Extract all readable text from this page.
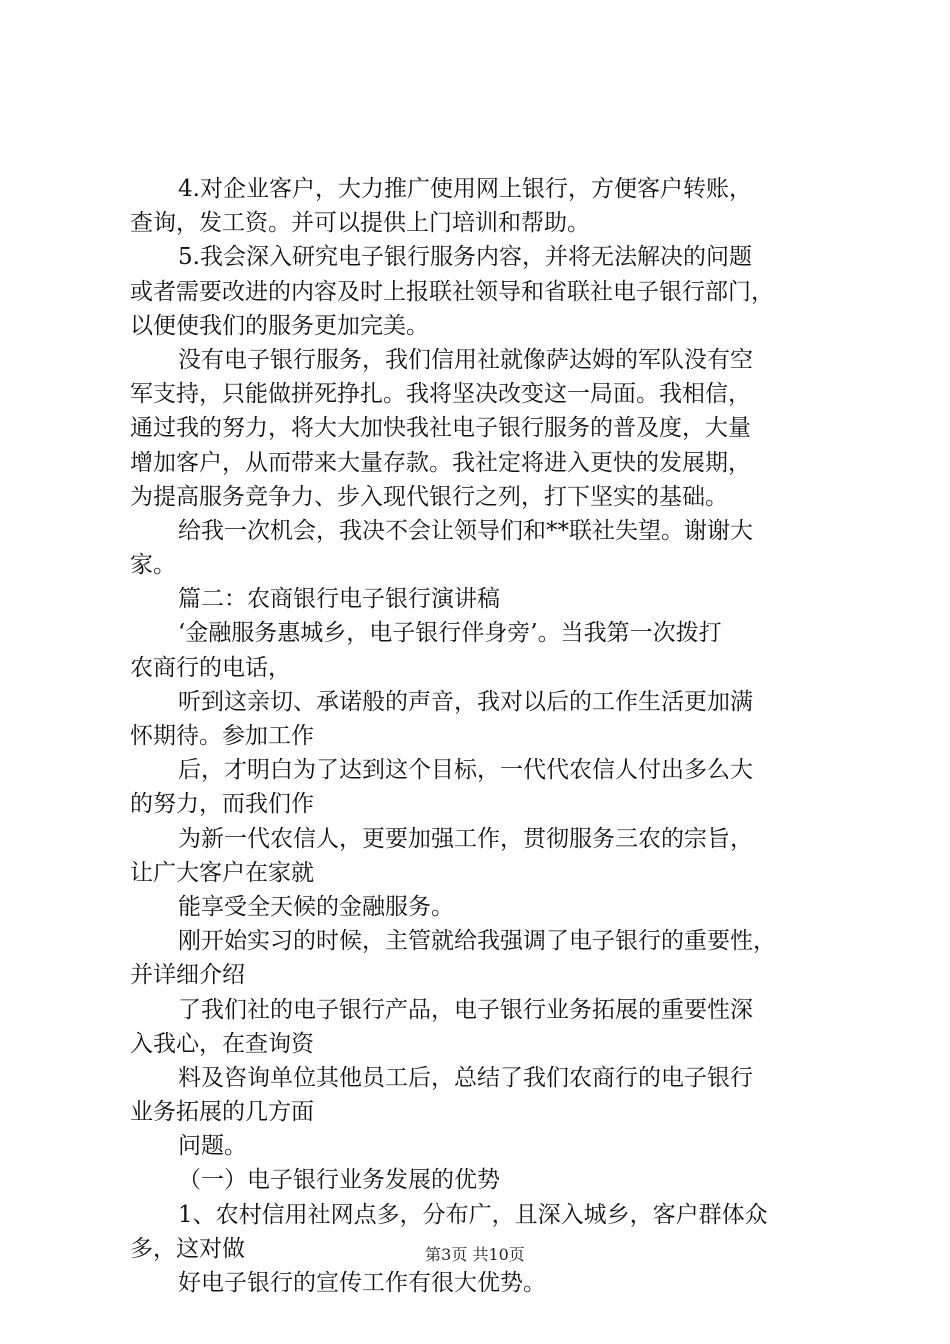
4.对企业客户，大力推广使用网上银行，方便客户转账，
查询，发工资。并可以提供上门培训和帮助。
5.我会深入研究电子银行服务内容，并将无法解决的问题
或者需要改进的内容及时上报联社领导和省联社电子银行部门，
以便使我们的服务更加完美。
没有电子银行服务，我们信用社就像萨达姆的军队没有空
军支持，只能做拼死挣扎。我将坚决改变这一局面。我相信，
通过我的努力，将大大加快我社电子银行服务的普及度，大量
增加客户，从而带来大量存款。我社定将进入更快的发展期，
为提高服务竞争力、步入现代银行之列，打下坚实的基础。
给我一次机会，我决不会让领导们和**联社失望。谢谢大
家。
篇二：农商银行电子银行演讲稿
‘金融服务惠城乡，电子银行伴身旁’。当我第一次拨打
农商行的电话，
听到这亲切、承诺般的声音，我对以后的工作生活更加满
怀期待。参加工作
后，才明白为了达到这个目标，一代代农信人付出多么大
的努力，而我们作
为新一代农信人，更要加强工作，贯彻服务三农的宗旨，
让广大客户在家就
能享受全天候的金融服务。
刚开始实习的时候，主管就给我强调了电子银行的重要性，
并详细介绍
了我们社的电子银行产品，电子银行业务拓展的重要性深
入我心，在查询资
料及咨询单位其他员工后，总结了我们农商行的电子银行
业务拓展的几方面
问题。
（一）电子银行业务发展的优势
1、农村信用社网点多，分布广，且深入城乡，客户群体众
多，这对做
好电子银行的宣传工作有很大优势。
第3页 共10页
